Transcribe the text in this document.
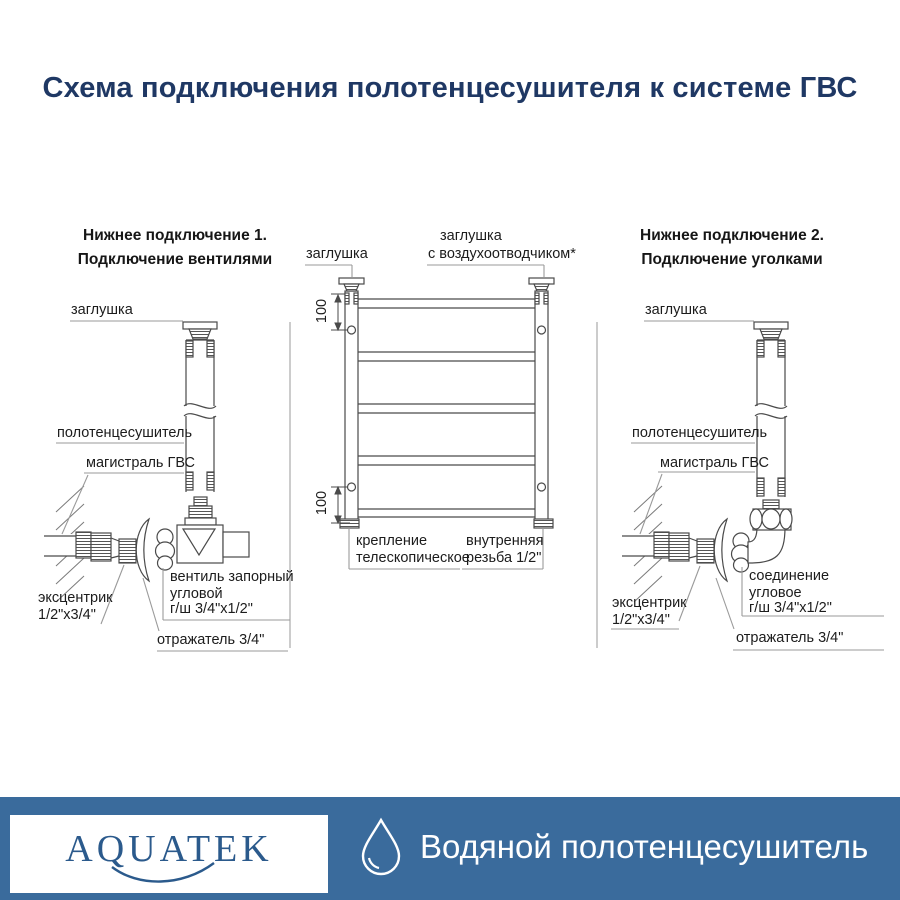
Схема подключения полотенцесушителя к системе ГВС
Нижнее подключение 1.
Подключение вентилями
заглушка
полотенцесушитель
магистраль ГВС
эксцентрик
1/2"x3/4"
вентиль запорный
угловой
г/ш 3/4"x1/2"
отражатель 3/4"
заглушка
заглушка
с воздухоотводчиком*
100
100
крепление
телескопическое
внутренняя
резьба 1/2"
Нижнее подключение 2.
Подключение уголками
заглушка
полотенцесушитель
магистраль ГВС
эксцентрик
1/2"x3/4"
соединение
угловое
г/ш 3/4"x1/2"
отражатель 3/4"
AQUATEK	Водяной полотенцесушитель
